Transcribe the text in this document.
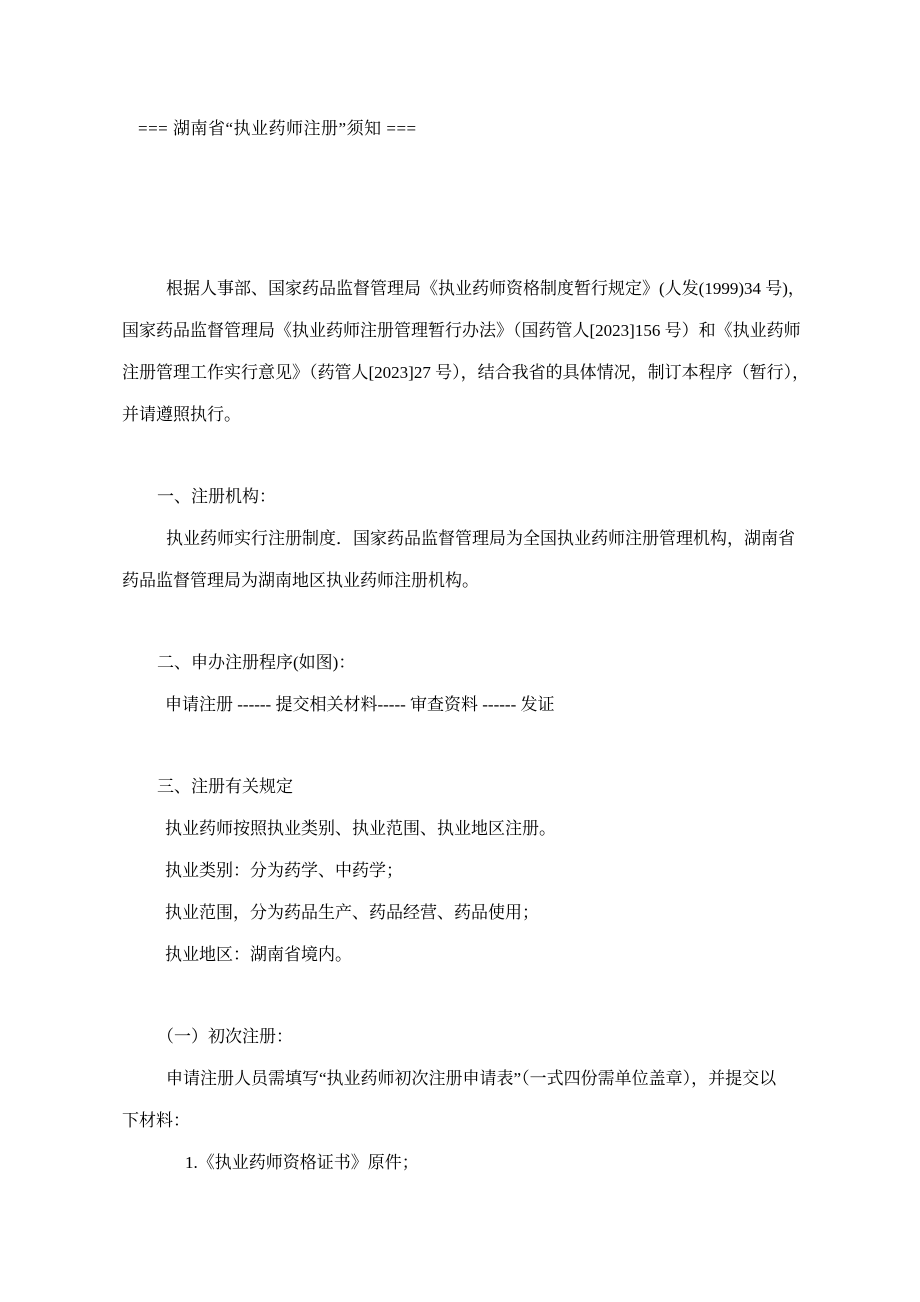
=== 湖南省“执业药师注册”须知 ===
根据人事部、国家药品监督管理局《执业药师资格制度暂行规定》(人发(1999)34 号)，
国家药品监督管理局《执业药师注册管理暂行办法》（国药管人[2023]156 号）和《执业药师
注册管理工作实行意见》（药管人[2023]27 号），结合我省的具体情况，制订本程序（暂行），
并请遵照执行。
一、注册机构：
执业药师实行注册制度．国家药品监督管理局为全国执业药师注册管理机构，湖南省
药品监督管理局为湖南地区执业药师注册机构。
二、申办注册程序(如图)：
申请注册 ------ 提交相关材料----- 审查资料 ------ 发证
三、注册有关规定
执业药师按照执业类别、执业范围、执业地区注册。
执业类别：分为药学、中药学；
执业范围，分为药品生产、药品经营、药品使用；
执业地区：湖南省境内。
（一）初次注册：
申请注册人员需填写“执业药师初次注册申请表”（一式四份需单位盖章），并提交以
下材料：
1.《执业药师资格证书》原件；
